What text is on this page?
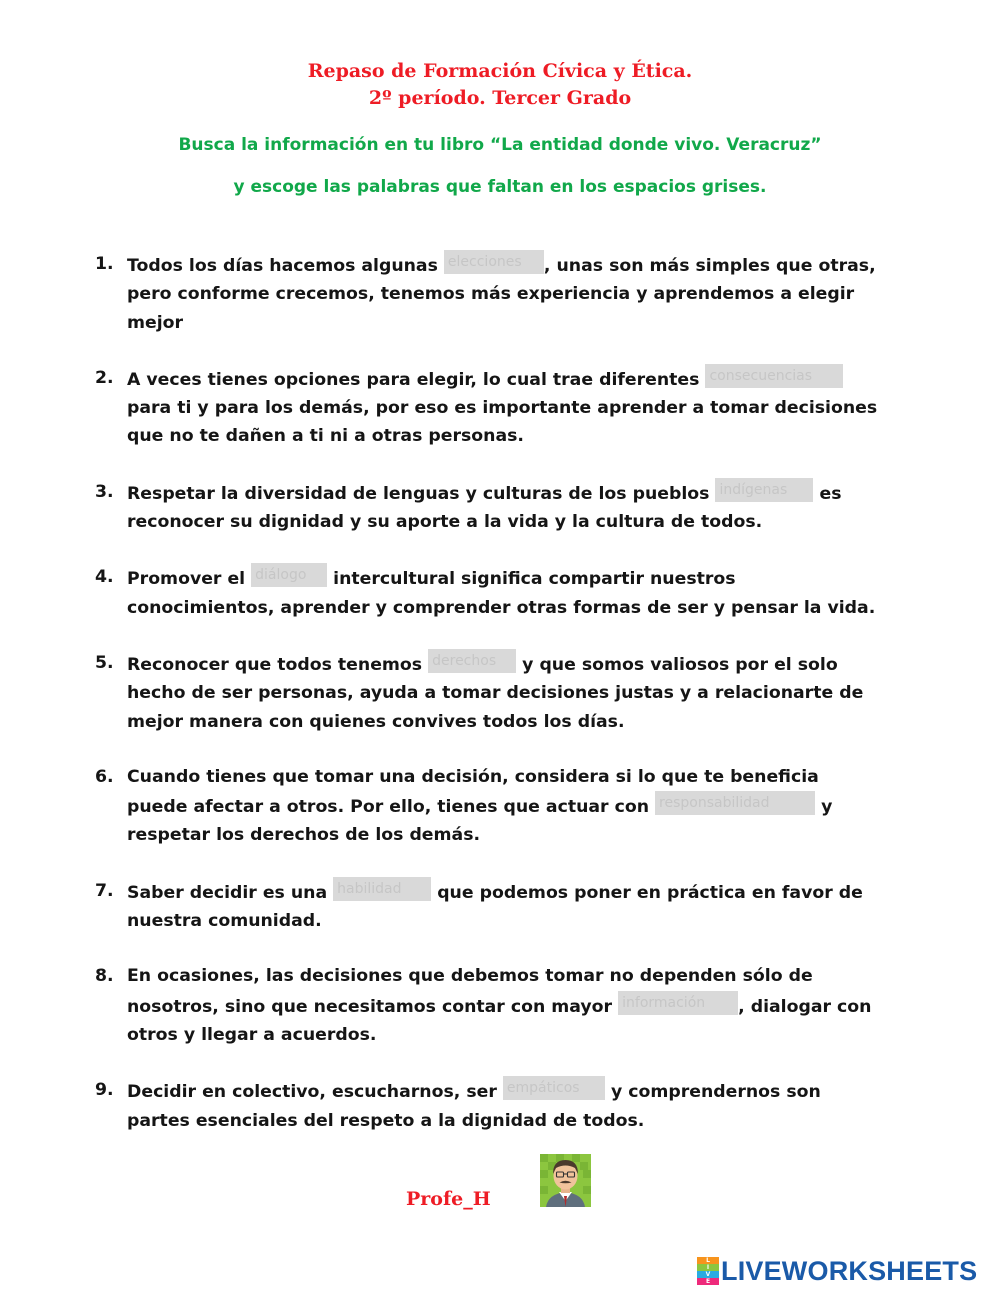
Repaso de Formación Cívica y Ética.
2º período. Tercer Grado
Busca la información en tu libro “La entidad donde vivo. Veracruz”
y escoge las palabras que faltan en los espacios grises.
1. Todos los días hacemos algunas elecciones , unas son más simples que otras, pero conforme crecemos, tenemos más experiencia y aprendemos a elegir mejor
2. A veces tienes opciones para elegir, lo cual trae diferentes consecuencias para ti y para los demás, por eso es importante aprender a tomar decisiones que no te dañen a ti ni a otras personas.
3. Respetar la diversidad de lenguas y culturas de los pueblos indígenas es reconocer su dignidad y su aporte a la vida y la cultura de todos.
4. Promover el diálogo intercultural significa compartir nuestros conocimientos, aprender y comprender otras formas de ser y pensar la vida.
5. Reconocer que todos tenemos derechos y que somos valiosos por el solo hecho de ser personas, ayuda a tomar decisiones justas y a relacionarte de mejor manera con quienes convives todos los días.
6. Cuando tienes que tomar una decisión, considera si lo que te beneficia puede afectar a otros. Por ello, tienes que actuar con responsabilidad	y respetar los derechos de los demás.
7. Saber decidir es una habilidad que podemos poner en práctica en favor de nuestra comunidad.
8. En ocasiones, las decisiones que debemos tomar no dependen sólo de nosotros, sino que necesitamos contar con mayor información , dialogar con otros y llegar a acuerdos.
9. Decidir en colectivo, escucharnos, ser empáticos y comprendernos son partes esenciales del respeto a la dignidad de todos.
Profe_H
L
I
V
E LIVEWORKSHEETS
